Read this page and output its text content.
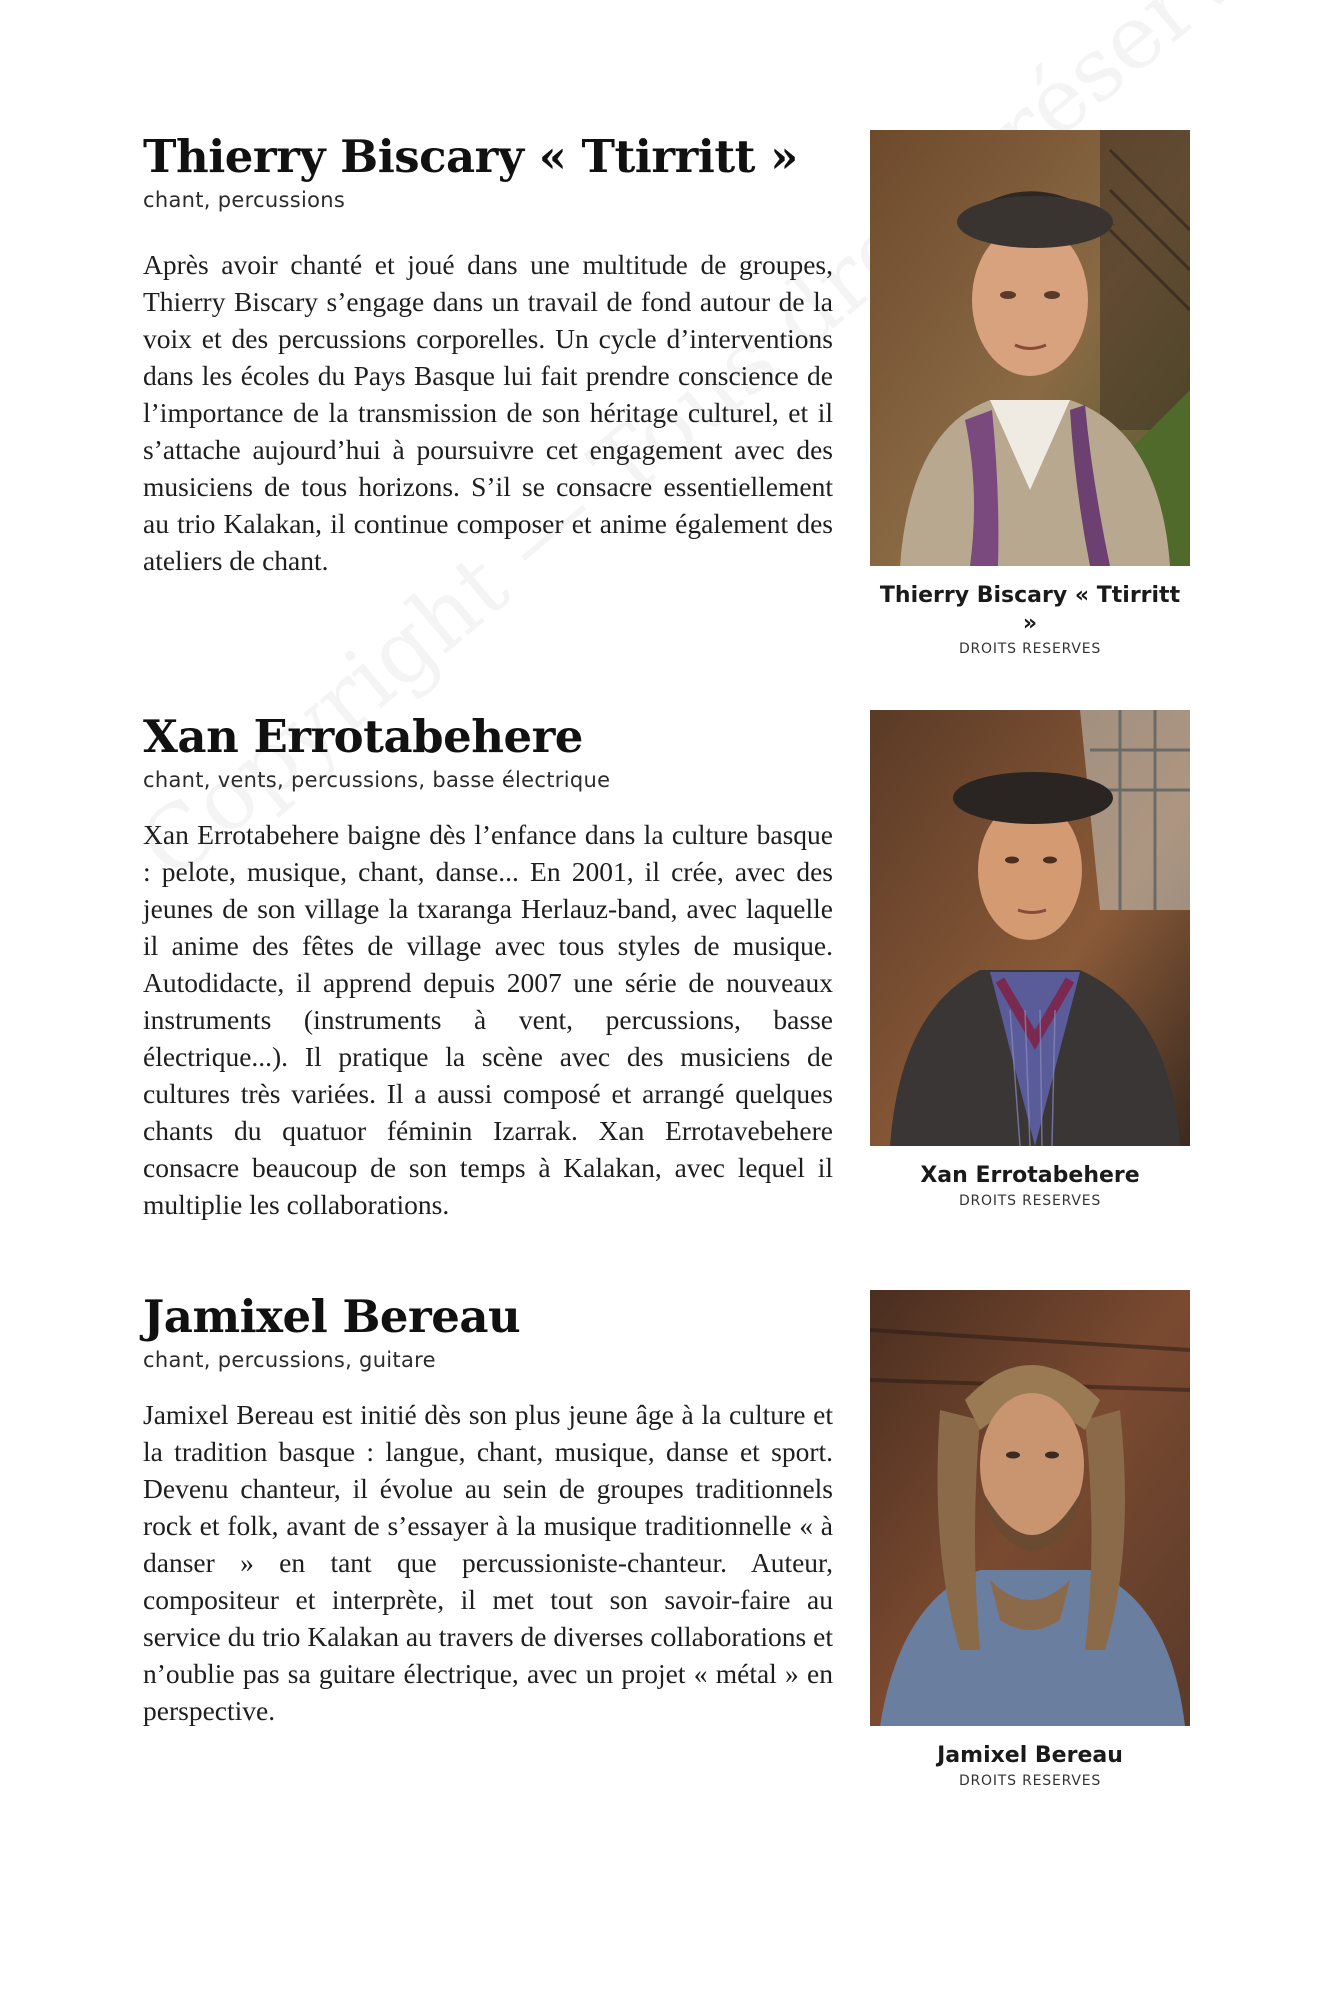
Thierry Biscary « Ttirritt »
chant, percussions

Après avoir chanté et joué dans une multitude de groupes, Thierry Biscary s’engage dans un travail de fond autour de la voix et des percussions corporelles. Un cycle d’interventions dans les écoles du Pays Basque lui fait prendre conscience de l’importance de la transmission de son héritage culturel, et il s’attache aujourd’hui à poursuivre cet engagement avec des musiciens de tous horizons. S’il se consacre essentiellement au trio Kalakan, il continue composer et anime également des ateliers de chant.

Thierry Biscary « Ttirritt »
DROITS RESERVES
Xan Errotabehere
chant, vents, percussions, basse électrique

Xan Errotabehere baigne dès l’enfance dans la culture basque : pelote, musique, chant, danse... En 2001, il crée, avec des jeunes de son village la txaranga Herlauz-band, avec laquelle il anime des fêtes de village avec tous styles de musique. Autodidacte, il apprend depuis 2007 une série de nouveaux instruments (instruments à vent, percussions, basse électrique...). Il pratique la scène avec des musiciens de cultures très variées. Il a aussi composé et arrangé quelques chants du quatuor féminin Izarrak. Xan Errotavebehere consacre beaucoup de son temps à Kalakan, avec lequel il multiplie les collaborations.

Xan Errotabehere
DROITS RESERVES
Jamixel Bereau
chant, percussions, guitare

Jamixel Bereau est initié dès son plus jeune âge à la culture et la tradition basque : langue, chant, musique, danse et sport. Devenu chanteur, il évolue au sein de groupes traditionnels rock et folk, avant de s’essayer à la musique traditionnelle « à danser » en tant que percussioniste-chanteur. Auteur, compositeur et interprète, il met tout son savoir-faire au service du trio Kalakan au travers de diverses collaborations et n’oublie pas sa guitare électrique, avec un projet « métal » en perspective.

Jamixel Bereau
DROITS RESERVES
